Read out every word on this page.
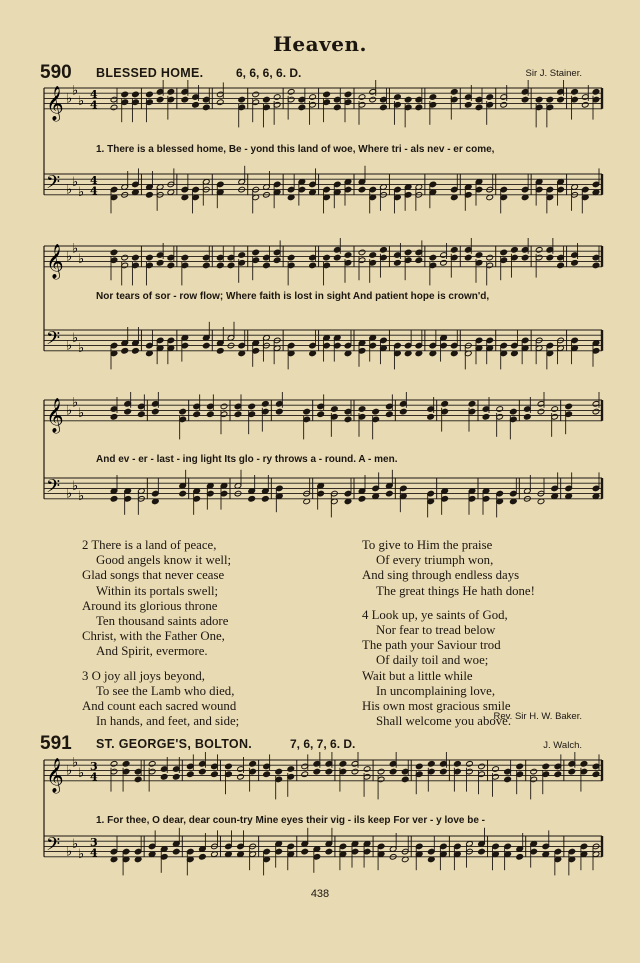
Heaven.
590 BLESSED HOME.	6, 6, 6, 6. D.	Sir J. Stainer.
𝄞
𝄢
♭
♭
♭ 4
4
♭
♭
♭
4
4
1. There is a blessed home, Be - yond this land of woe, Where tri - als nev - er come,
𝄞
𝄢
♭
♭
♭
♭
♭
♭
Nor tears of sor - row flow; Where faith is lost in sight And patient hope is crown'd,
𝄞
𝄢
♭
♭
♭
♭
♭
♭
And ev - er - last - ing light Its glo - ry throws a - round. A - men.
2 There is a land of peace,
Good angels know it well;
Glad songs that never cease
Within its portals swell;
Around its glorious throne
Ten thousand saints adore
Christ, with the Father One,
And Spirit, evermore.
3 O joy all joys beyond,
To see the Lamb who died,
And count each sacred wound
In hands, and feet, and side;
To give to Him the praise
Of every triumph won,
And sing through endless days
The great things He hath done!
4 Look up, ye saints of God,
Nor fear to tread below
The path your Saviour trod
Of daily toil and woe;
Wait but a little while
In uncomplaining love,
His own most gracious smile
Shall welcome you above.
Rev. Sir H. W. Baker.
591 ST. GEORGE'S, BOLTON.	7, 6, 7, 6. D.	J. Walch.
𝄞
𝄢
♭
♭
♭ 3
4
♭
♭
♭
3
4
1. For thee, O dear, dear coun-try Mine eyes their vig - ils keep For ver - y love be -
438
